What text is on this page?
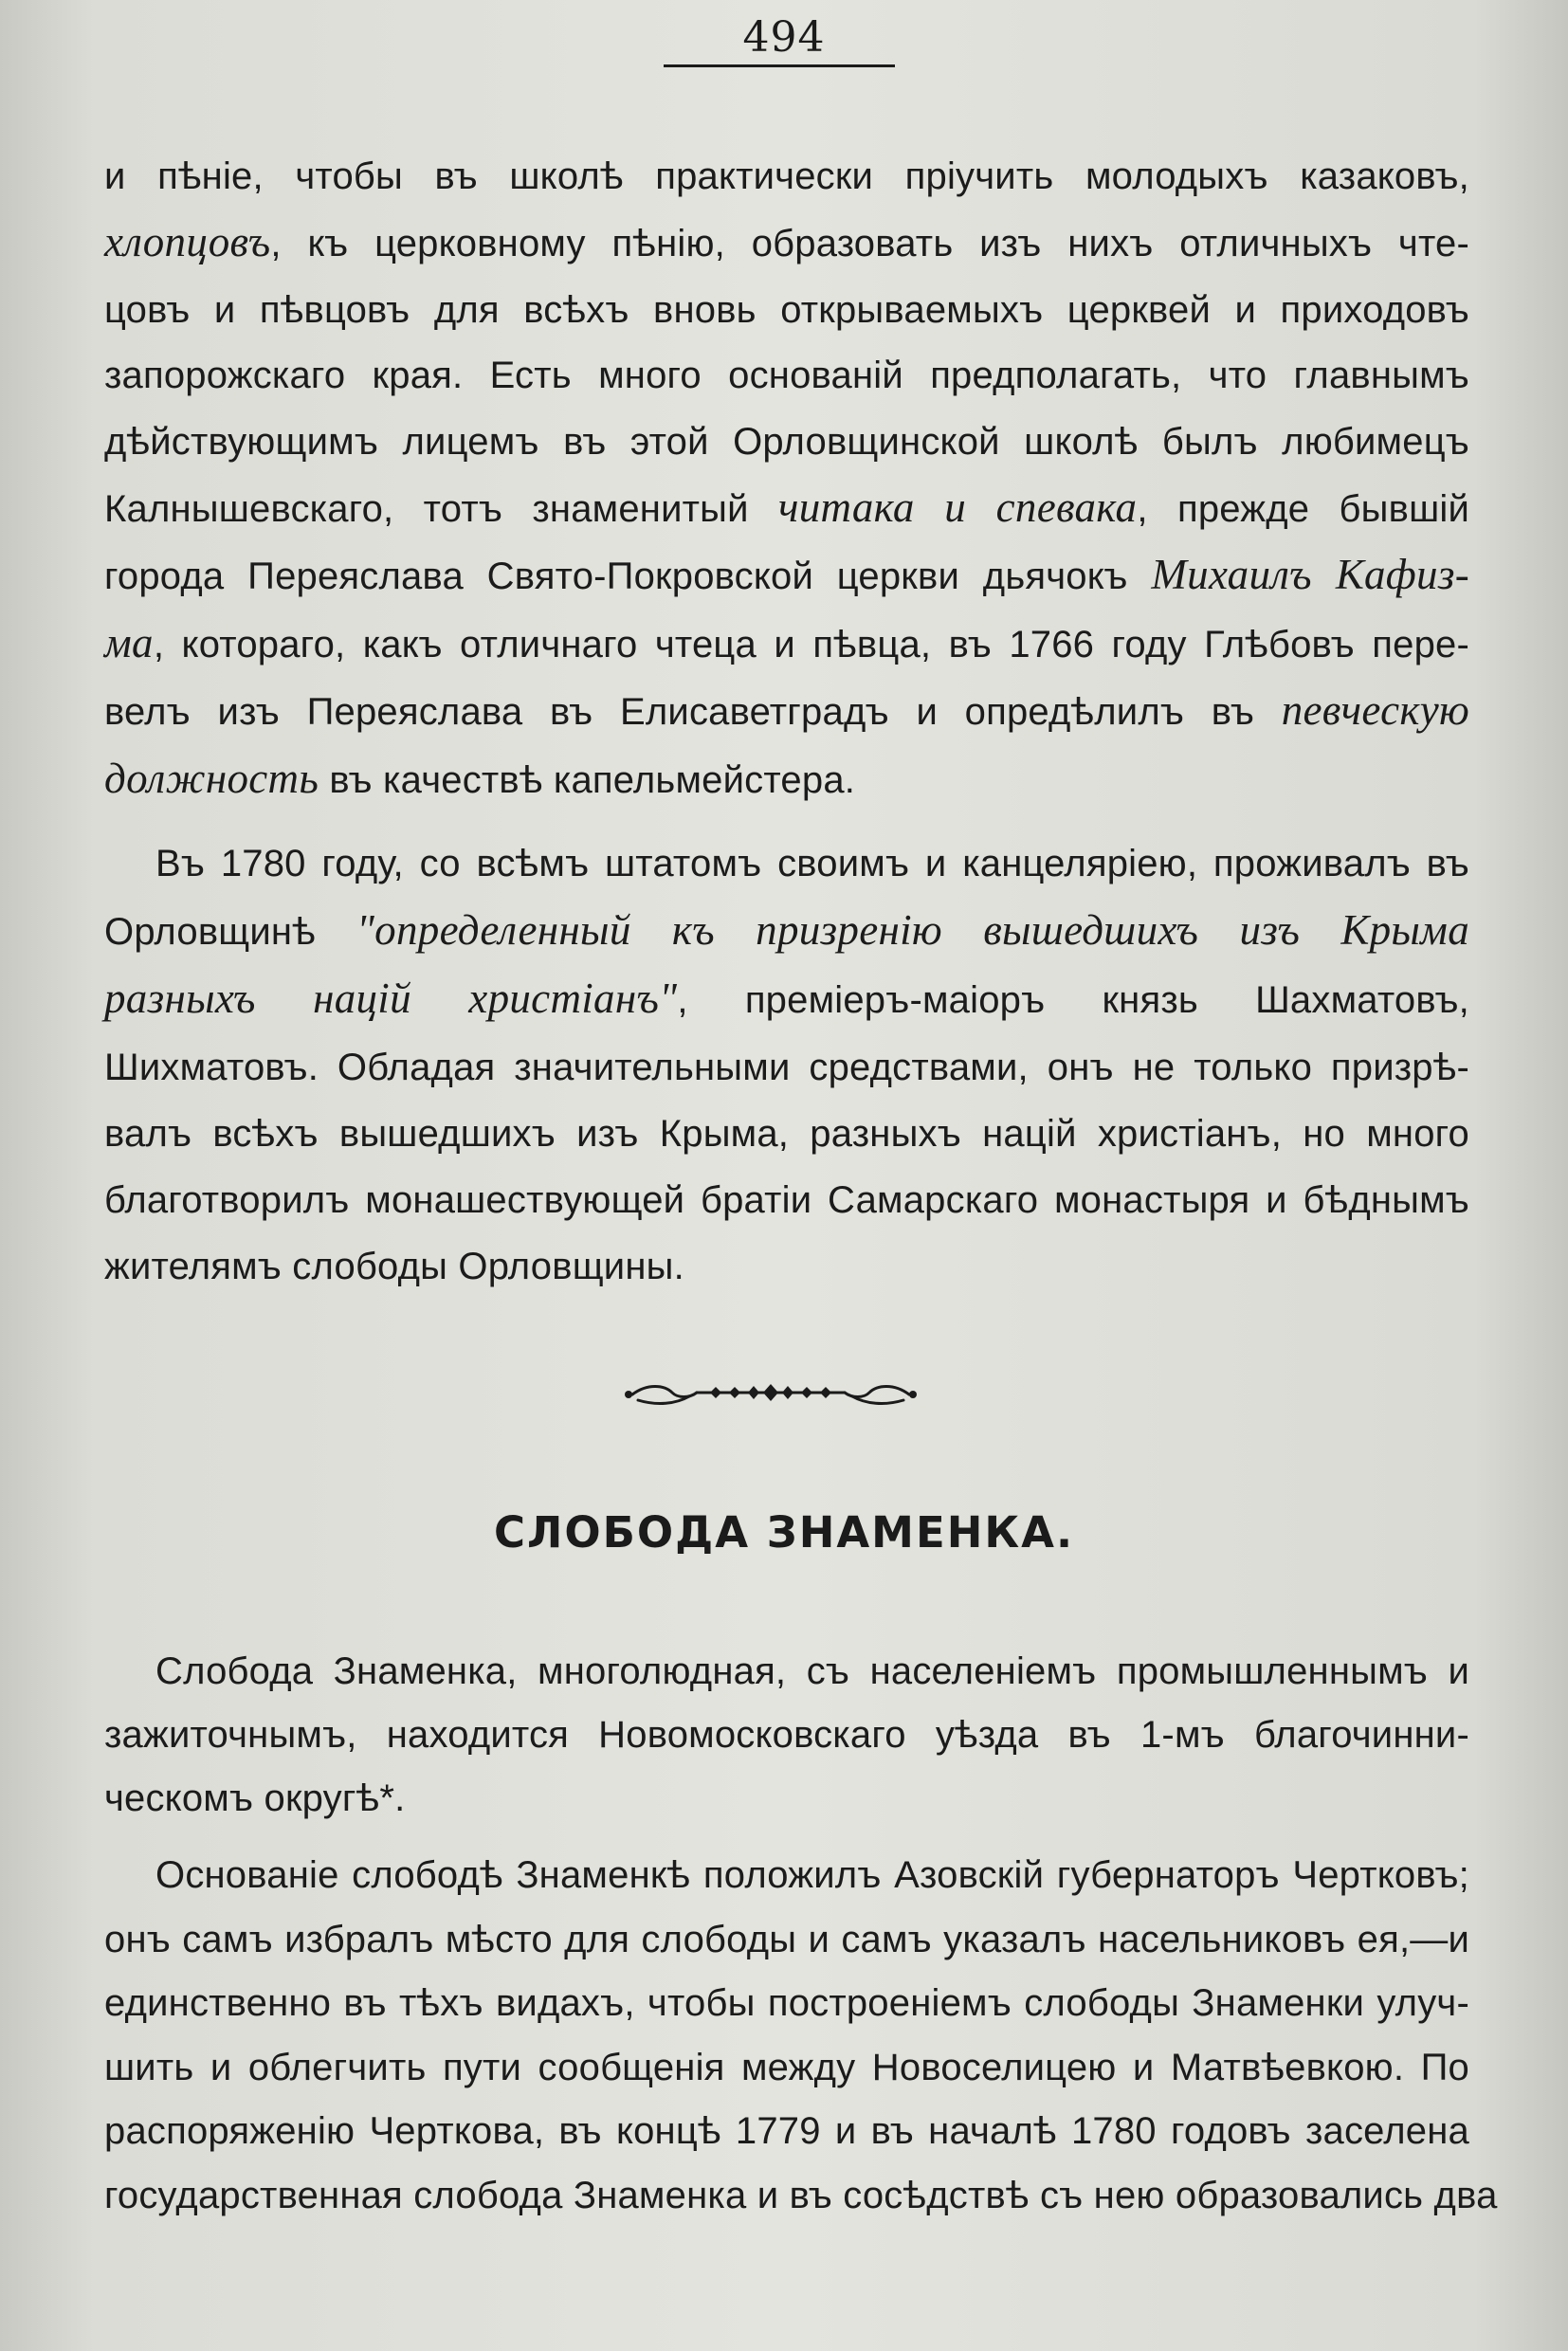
494

и пѣніе, чтобы въ школѣ практически пріучить молодыхъ казаковъ,
хлопцовъ, къ церковному пѣнію, образовать изъ нихъ отличныхъ чте-
цовъ и пѣвцовъ для всѣхъ вновь открываемыхъ церквей и приходовъ
запорожскаго края. Есть много основаній предполагать, что главнымъ
дѣйствующимъ лицемъ въ этой Орловщинской школѣ былъ любимецъ
Калнышевскаго, тотъ знаменитый читака и спевака, прежде бывшій
города Переяслава Свято-Покровской церкви дьячокъ Михаилъ Кафиз-
ма, котораго, какъ отличнаго чтеца и пѣвца, въ 1766 году Глѣбовъ пере-
велъ изъ Переяслава въ Елисаветградъ и опредѣлилъ въ певческую
должность въ качествѣ капельмейстера.

Въ 1780 году, со всѣмъ штатомъ своимъ и канцеляріею, проживалъ въ
Орловщинѣ "определенный къ призренію вышедшихъ изъ Крыма
разныхъ націй христіанъ", преміеръ-маіоръ князь Шахматовъ,
Шихматовъ. Обладая значительными средствами, онъ не только призрѣ-
валъ всѣхъ вышедшихъ изъ Крыма, разныхъ націй христіанъ, но много
благотворилъ монашествующей братіи Самарскаго монастыря и бѣднымъ
жителямъ слободы Орловщины.

СЛОБОДА ЗНАМЕНКА.

Слобода Знаменка, многолюдная, съ населеніемъ промышленнымъ и
зажиточнымъ, находится Новомосковскаго уѣзда въ 1-мъ благочинни-
ческомъ округѣ*.

Основаніе слободѣ Знаменкѣ положилъ Азовскій губернаторъ Чертковъ;
онъ самъ избралъ мѣсто для слободы и самъ указалъ насельниковъ ея,—и
единственно въ тѣхъ видахъ, чтобы построеніемъ слободы Знаменки улуч-
шить и облегчить пути сообщенія между Новоселицею и Матвѣевкою. По
распоряженію Черткова, въ концѣ 1779 и въ началѣ 1780 годовъ заселена
государственная слобода Знаменка и въ сосѣдствѣ съ нею образовались два
